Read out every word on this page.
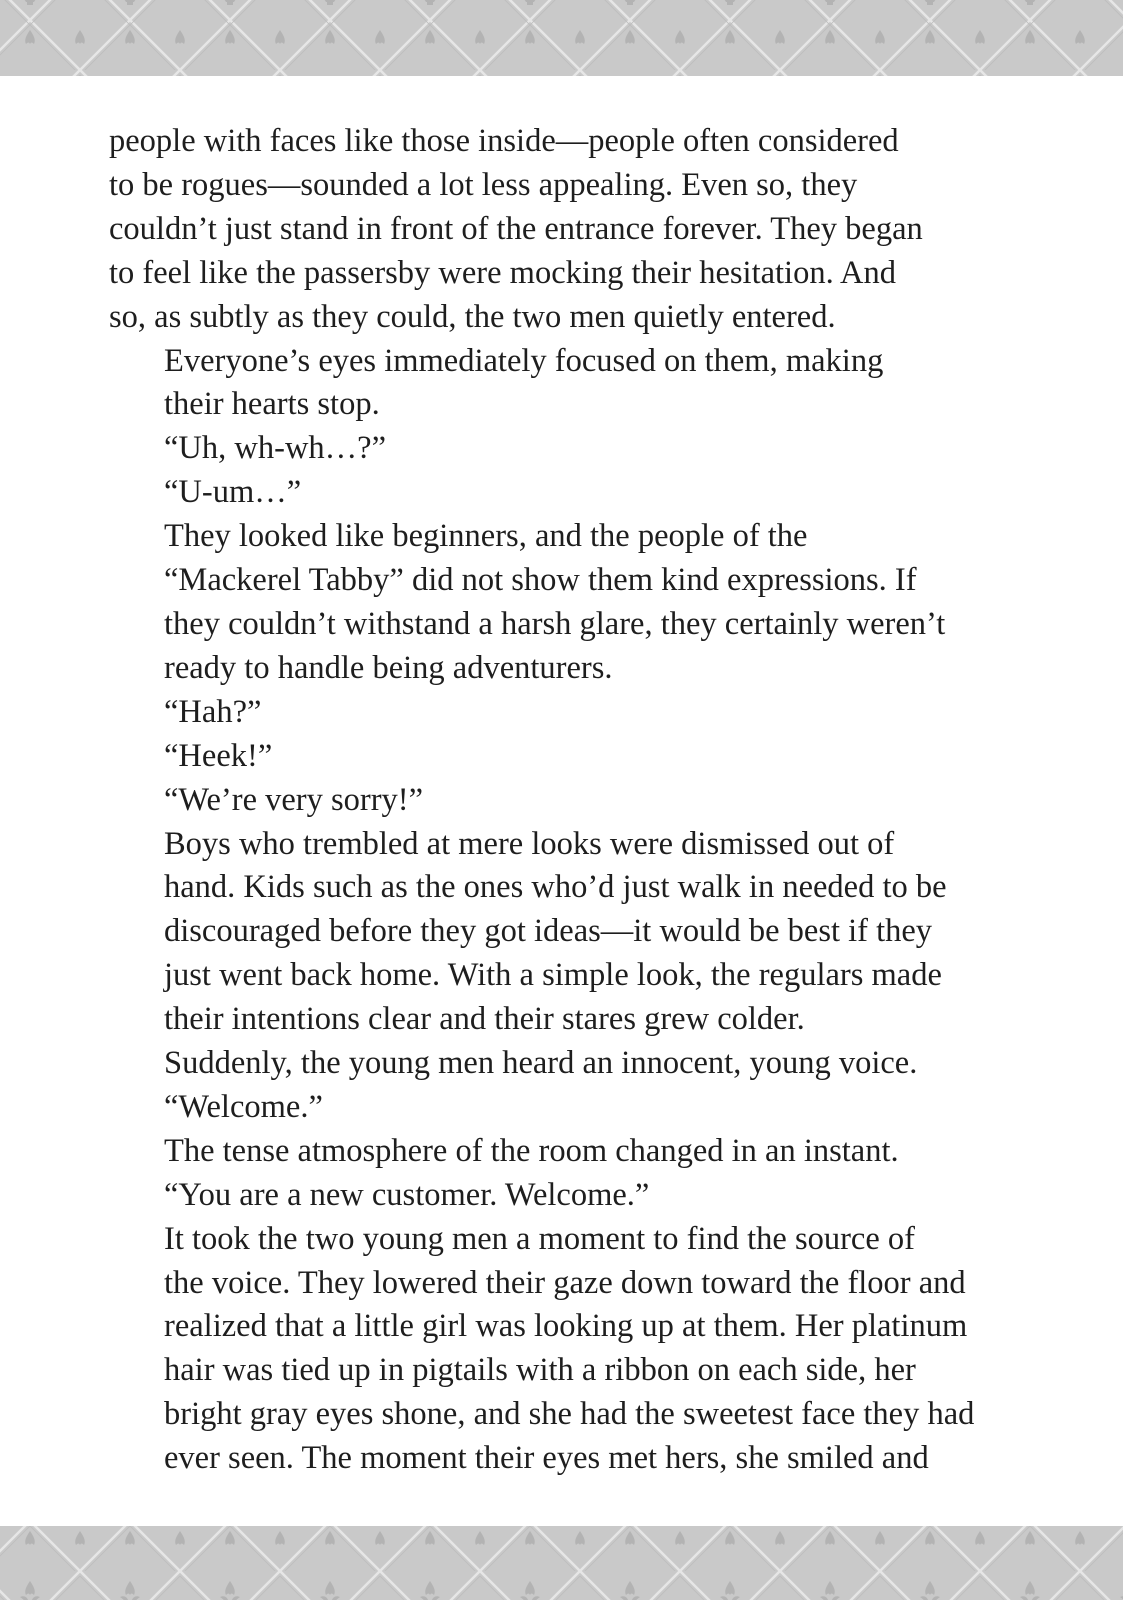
people with faces like those inside—people often considered
to be rogues—sounded a lot less appealing. Even so, they
couldn’t just stand in front of the entrance forever. They began
to feel like the passersby were mocking their hesitation. And
so, as subtly as they could, the two men quietly entered.

Everyone’s eyes immediately focused on them, making
their hearts stop.

“Uh, wh-wh…?”

“U-um…”

They looked like beginners, and the people of the
“Mackerel Tabby” did not show them kind expressions. If
they couldn’t withstand a harsh glare, they certainly weren’t
ready to handle being adventurers.

“Hah?”

“Heek!”

“We’re very sorry!”

Boys who trembled at mere looks were dismissed out of
hand. Kids such as the ones who’d just walk in needed to be
discouraged before they got ideas—it would be best if they
just went back home. With a simple look, the regulars made
their intentions clear and their stares grew colder.

Suddenly, the young men heard an innocent, young voice.

“Welcome.”

The tense atmosphere of the room changed in an instant.

“You are a new customer. Welcome.”

It took the two young men a moment to find the source of
the voice. They lowered their gaze down toward the floor and
realized that a little girl was looking up at them. Her platinum
hair was tied up in pigtails with a ribbon on each side, her
bright gray eyes shone, and she had the sweetest face they had
ever seen. The moment their eyes met hers, she smiled and
